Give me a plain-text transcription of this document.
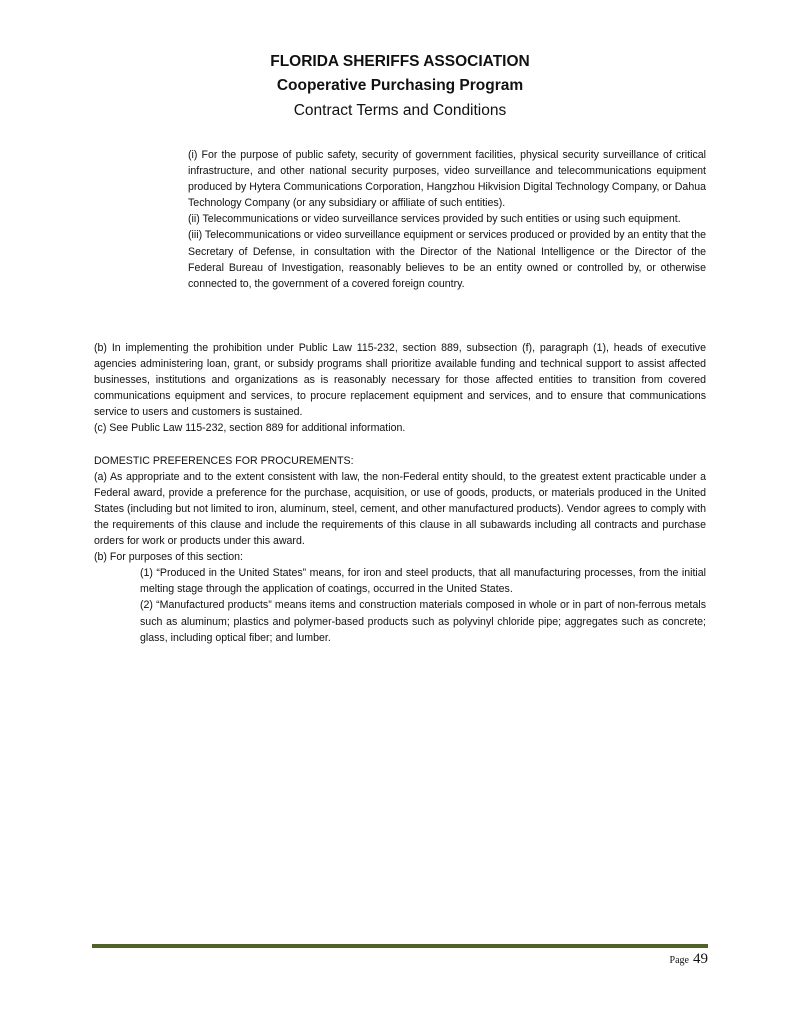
FLORIDA SHERIFFS ASSOCIATION
Cooperative Purchasing Program
Contract Terms and Conditions

(i) For the purpose of public safety, security of government facilities, physical security surveillance of critical infrastructure, and other national security purposes, video surveillance and telecommunications equipment produced by Hytera Communications Corporation, Hangzhou Hikvision Digital Technology Company, or Dahua Technology Company (or any subsidiary or affiliate of such entities).

(ii) Telecommunications or video surveillance services provided by such entities or using such equipment.

(iii) Telecommunications or video surveillance equipment or services produced or provided by an entity that the Secretary of Defense, in consultation with the Director of the National Intelligence or the Director of the Federal Bureau of Investigation, reasonably believes to be an entity owned or controlled by, or otherwise connected to, the government of a covered foreign country.

(b) In implementing the prohibition under Public Law 115-232, section 889, subsection (f), paragraph (1), heads of executive agencies administering loan, grant, or subsidy programs shall prioritize available funding and technical support to assist affected businesses, institutions and organizations as is reasonably necessary for those affected entities to transition from covered communications equipment and services, to procure replacement equipment and services, and to ensure that communications service to users and customers is sustained.

(c) See Public Law 115-232, section 889 for additional information.

DOMESTIC PREFERENCES FOR PROCUREMENTS:

(a) As appropriate and to the extent consistent with law, the non-Federal entity should, to the greatest extent practicable under a Federal award, provide a preference for the purchase, acquisition, or use of goods, products, or materials produced in the United States (including but not limited to iron, aluminum, steel, cement, and other manufactured products). Vendor agrees to comply with the requirements of this clause and include the requirements of this clause in all subawards including all contracts and purchase orders for work or products under this award.

(b) For purposes of this section:

(1) “Produced in the United States” means, for iron and steel products, that all manufacturing processes, from the initial melting stage through the application of coatings, occurred in the United States.

(2) “Manufactured products” means items and construction materials composed in whole or in part of non-ferrous metals such as aluminum; plastics and polymer-based products such as polyvinyl chloride pipe; aggregates such as concrete; glass, including optical fiber; and lumber.

Page 49
